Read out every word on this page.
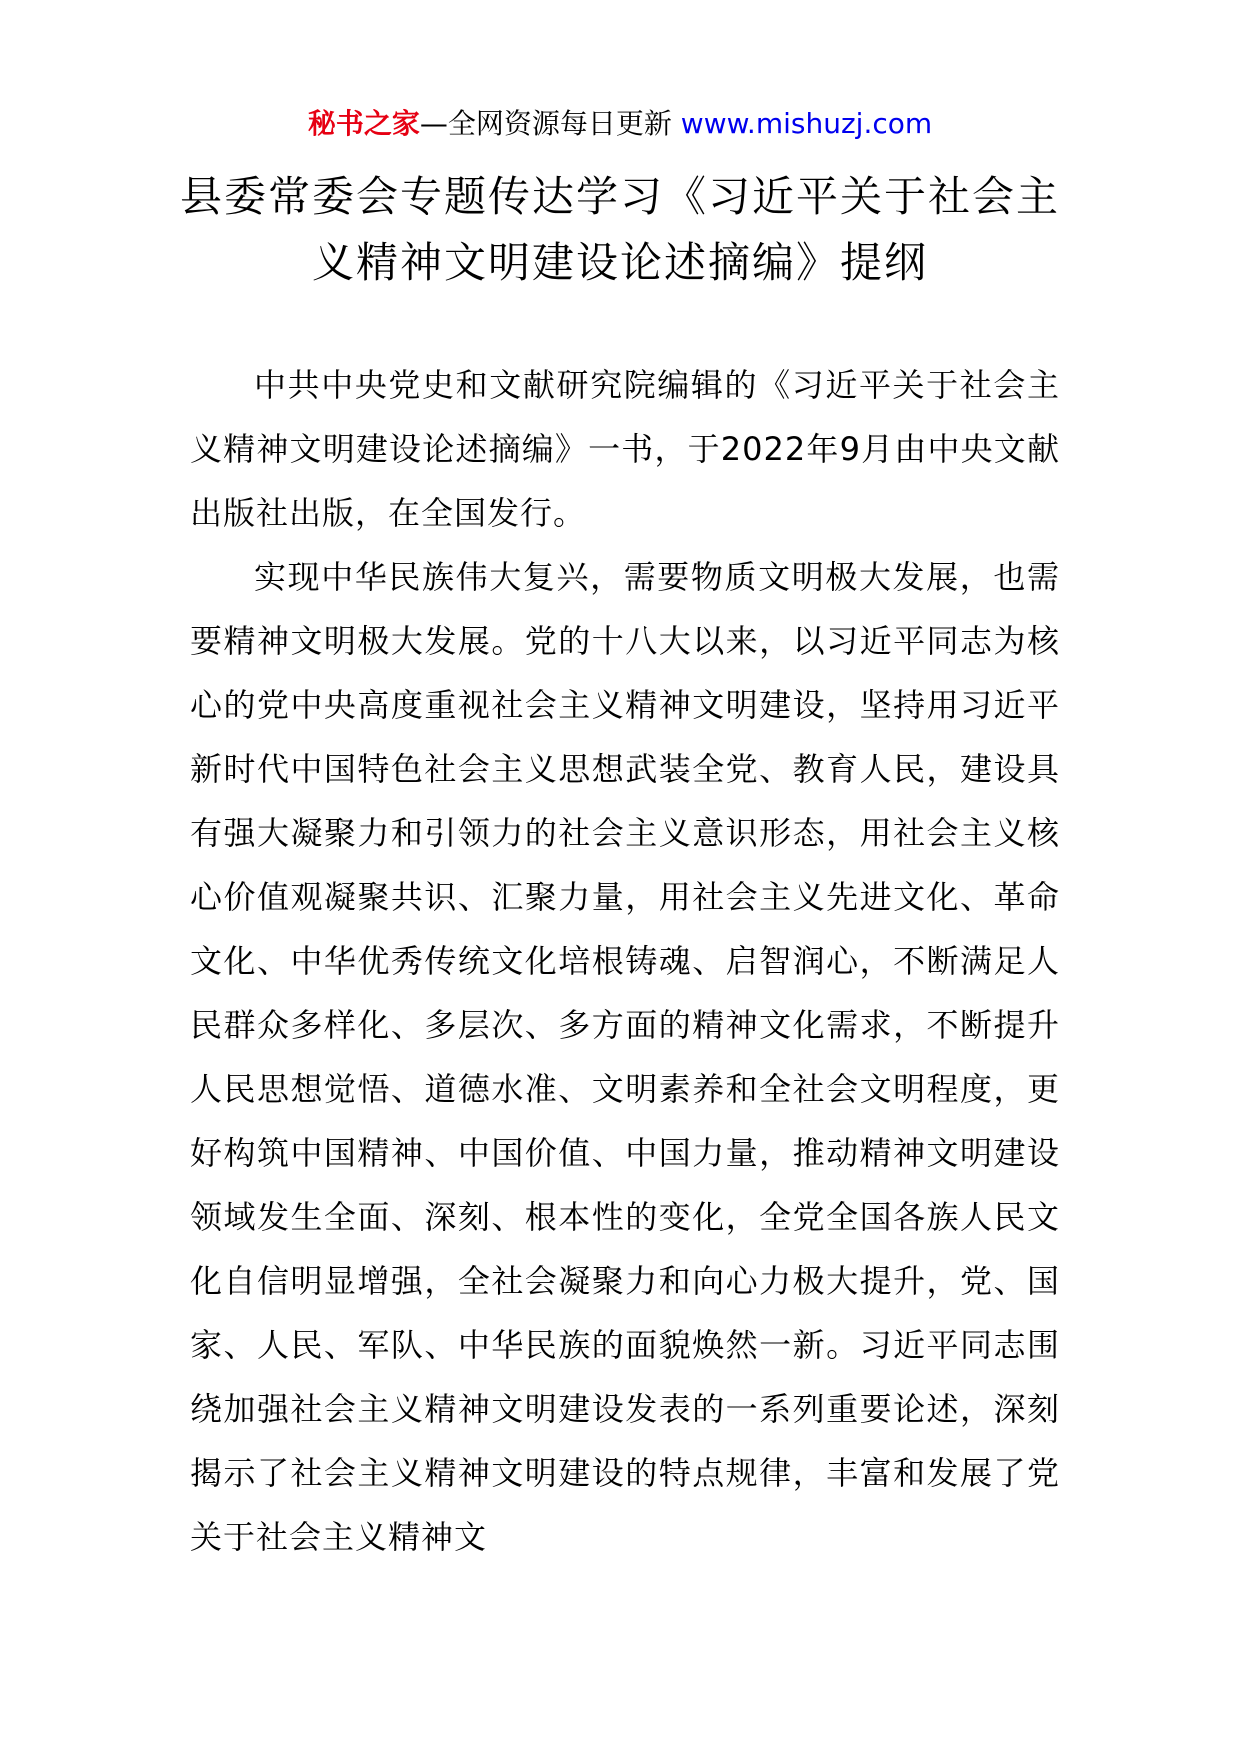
秘书之家—全网资源每日更新 www.mishuzj.com
县委常委会专题传达学习《习近平关于社会主义精神文明建设论述摘编》提纲

中共中央党史和文献研究院编辑的《习近平关于社会主义精神文明建设论述摘编》一书，于2022年9月由中央文献出版社出版，在全国发行。

实现中华民族伟大复兴，需要物质文明极大发展，也需要精神文明极大发展。党的十八大以来，以习近平同志为核心的党中央高度重视社会主义精神文明建设，坚持用习近平新时代中国特色社会主义思想武装全党、教育人民，建设具有强大凝聚力和引领力的社会主义意识形态，用社会主义核心价值观凝聚共识、汇聚力量，用社会主义先进文化、革命文化、中华优秀传统文化培根铸魂、启智润心，不断满足人民群众多样化、多层次、多方面的精神文化需求，不断提升人民思想觉悟、道德水准、文明素养和全社会文明程度，更好构筑中国精神、中国价值、中国力量，推动精神文明建设领域发生全面、深刻、根本性的变化，全党全国各族人民文化自信明显增强，全社会凝聚力和向心力极大提升，党、国家、人民、军队、中华民族的面貌焕然一新。习近平同志围绕加强社会主义精神文明建设发表的一系列重要论述，深刻揭示了社会主义精神文明建设的特点规律，丰富和发展了党关于社会主义精神文
